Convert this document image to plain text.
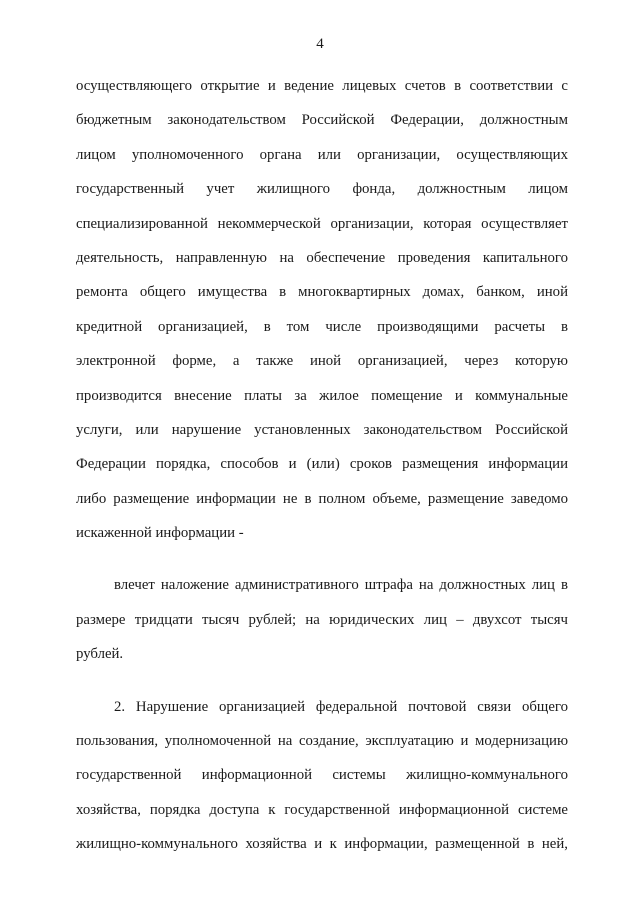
4
осуществляющего открытие и ведение лицевых счетов в соответствии с
бюджетным законодательством Российской Федерации, должностным
лицом уполномоченного органа или организации, осуществляющих
государственный учет жилищного фонда, должностным лицом
специализированной некоммерческой организации, которая осуществляет
деятельность, направленную на обеспечение проведения капитального
ремонта общего имущества в многоквартирных домах, банком, иной
кредитной организацией, в том числе производящими расчеты в
электронной форме, а также иной организацией, через которую
производится внесение платы за жилое помещение и коммунальные
услуги, или нарушение установленных законодательством Российской
Федерации порядка, способов и (или) сроков размещения информации
либо размещение информации не в полном объеме, размещение заведомо
искаженной информации -
влечет наложение административного штрафа на должностных лиц в
размере тридцати тысяч рублей; на юридических лиц – двухсот тысяч
рублей.
2. Нарушение организацией федеральной почтовой связи общего
пользования, уполномоченной на создание, эксплуатацию и модернизацию
государственной информационной системы жилищно-коммунального
хозяйства, порядка доступа к государственной информационной системе
жилищно-коммунального хозяйства и к информации, размещенной в ней,
